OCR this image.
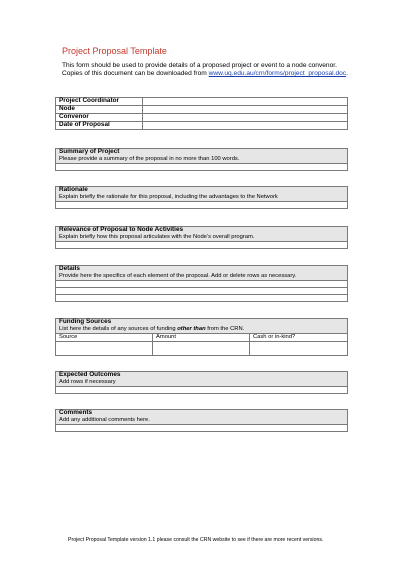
Project Proposal Template
This form should be used to provide details of a proposed project or event to a node convenor. Copies of this document can be downloaded from www.uq.edu.au/crn/forms/project_proposal.doc.
Project Coordinator	
Node	
Convenor	
Date of Proposal	
Summary of Project
Please provide a summary of the proposal in no more than 100 words.

Rationale
Explain briefly the rationale for this proposal, including the advantages to the Network

Relevance of Proposal to Node Activities
Explain briefly how this proposal articulates with the Node’s overall program.

Details
Provide here the specifics of each element of the proposal. Add or delete rows as necessary.

Funding Sources
List here the details of any sources of funding other than from the CRN.		

Source	Amount	Cash or in-kind?

Expected Outcomes
Add rows if necessary

Comments
Add any additional comments here.

Project Proposal Template version 1.1 please consult the CRN website to see if there are more recent versions.
